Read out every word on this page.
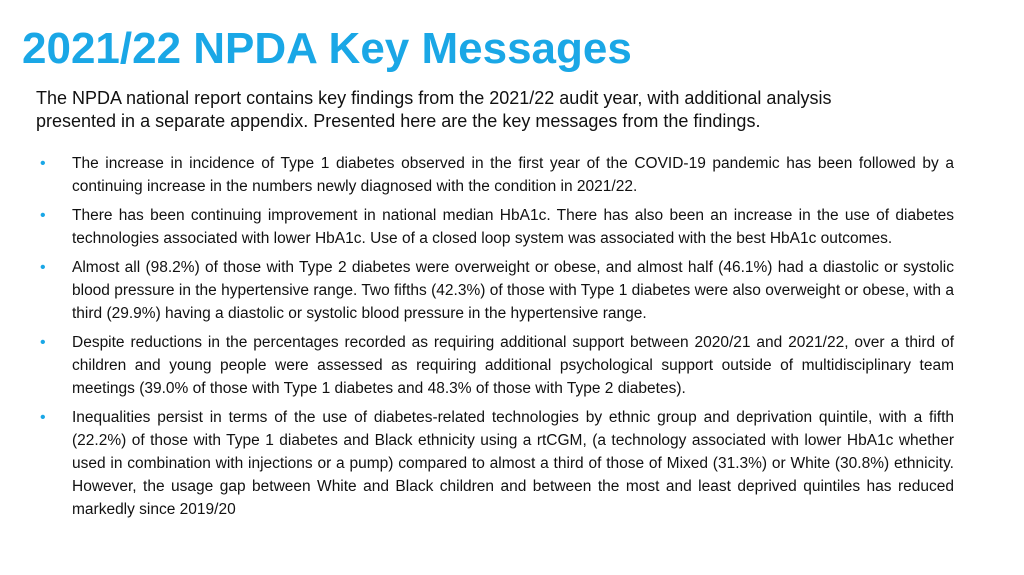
2021/22 NPDA Key Messages

The NPDA national report contains key findings from the 2021/22 audit year, with additional analysis presented in a separate appendix. Presented here are the key messages from the findings.

• The increase in incidence of Type 1 diabetes observed in the first year of the COVID-19 pandemic has been followed by a continuing increase in the numbers newly diagnosed with the condition in 2021/22.
• There has been continuing improvement in national median HbA1c. There has also been an increase in the use of diabetes technologies associated with lower HbA1c. Use of a closed loop system was associated with the best HbA1c outcomes.
• Almost all (98.2%) of those with Type 2 diabetes were overweight or obese, and almost half (46.1%) had a diastolic or systolic blood pressure in the hypertensive range. Two fifths (42.3%) of those with Type 1 diabetes were also overweight or obese, with a third (29.9%) having a diastolic or systolic blood pressure in the hypertensive range.
• Despite reductions in the percentages recorded as requiring additional support between 2020/21 and 2021/22, over a third of children and young people were assessed as requiring additional psychological support outside of multidisciplinary team meetings (39.0% of those with Type 1 diabetes and 48.3% of those with Type 2 diabetes).
• Inequalities persist in terms of the use of diabetes-related technologies by ethnic group and deprivation quintile, with a fifth (22.2%) of those with Type 1 diabetes and Black ethnicity using a rtCGM, (a technology associated with lower HbA1c whether used in combination with injections or a pump) compared to almost a third of those of Mixed (31.3%) or White (30.8%) ethnicity. However, the usage gap between White and Black children and between the most and least deprived quintiles has reduced markedly since 2019/20
